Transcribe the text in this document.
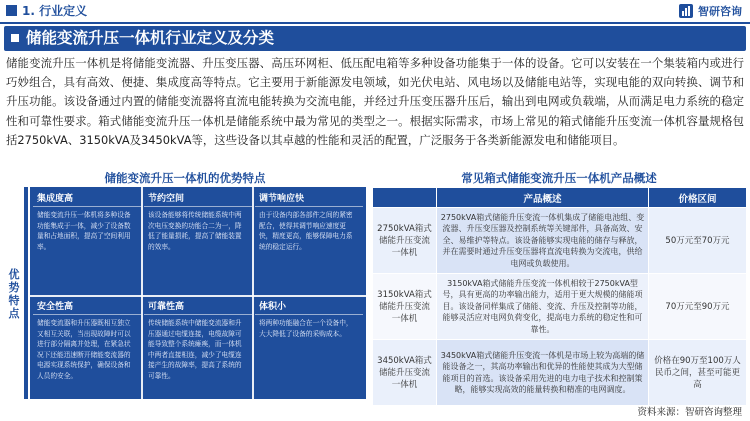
1. 行业定义	智研咨询
储能变流升压一体机行业定义及分类
储能变流升压一体机是将储能变流器、升压变压器、高压环网柜、低压配电箱等多种设备功能集于一体的设备。它可以安装在一个集装箱内或进行巧妙组合，具有高效、便捷、集成度高等特点。它主要用于新能源发电领域，如光伏电站、风电场以及储能电站等，实现电能的双向转换、调节和升压功能。该设备通过内置的储能变流器将直流电能转换为交流电能，并经过升压变压器升压后，输出到电网或负载端，从而满足电力系统的稳定性和可靠性要求。箱式储能变流升压一体机是储能系统中最为常见的类型之一。根据实际需求，市场上常见的箱式储能升压变流一体机容量规格包括2750kVA、3150kVA及3450kVA等，这些设备以其卓越的性能和灵活的配置，广泛服务于各类新能源发电和储能项目。
储能变流升压一体机的优势特点	常见箱式储能变流升压一体机产品概述
优
势
特
点
集成度高
储能变流升压一体机将多种设备功能集成于一体，减少了设备数量和占地面积，提高了空间利用率。
节约空间
该设备能够将传统储能系统中两次电压变换的功能合二为一，降低了能量损耗，提高了储能装置的效率。
调节响应快
由于设备内部各部件之间的紧密配合，使得其调节响应速度更快，精度更高，能够保障电力系统的稳定运行。
安全性高
储能变流器和升压器既相互独立又相互关联，当出现故障时可以进行部分隔离并处理，在紧急状况下还能迅速断开储能变流器的电源实现系统保护，确保设备和人员的安全。
可靠性高
传统储能系统中储能变流器和升压器通过电缆连接，电缆故障可能导致整个系统瘫痪，而一体机中两者直接相连，减少了电缆连接产生的故障率，提高了系统的可靠性。
体积小
将两种功能融合在一个设备中，大大降低了设备的采购成本。
	产品概述	价格区间
2750kVA箱式储能升压变流一体机	2750kVA箱式储能升压变流一体机集成了储能电池组、变流器、升压变压器及控制系统等关键部件，具备高效、安全、易维护等特点。该设备能够实现电能的储存与释放，并在需要时通过升压变压器将直流电转换为交流电，供给电网或负载使用。	50万元至70万元
3150kVA箱式储能升压变流一体机	3150kVA箱式储能升压变流一体机相较于2750kVA型号，具有更高的功率输出能力，适用于更大规模的储能项目。该设备同样集成了储能、变流、升压及控制等功能，能够灵活应对电网负荷变化，提高电力系统的稳定性和可靠性。	70万元至90万元
3450kVA箱式储能升压变流一体机	3450kVA箱式储能升压变流一体机是市场上较为高端的储能设备之一，其高功率输出和优异的性能使其成为大型储能项目的首选。该设备采用先进的电力电子技术和控制策略，能够实现高效的能量转换和精准的电网调度。	价格在90万至100万人民币之间，甚至可能更高
资料来源：智研咨询整理
